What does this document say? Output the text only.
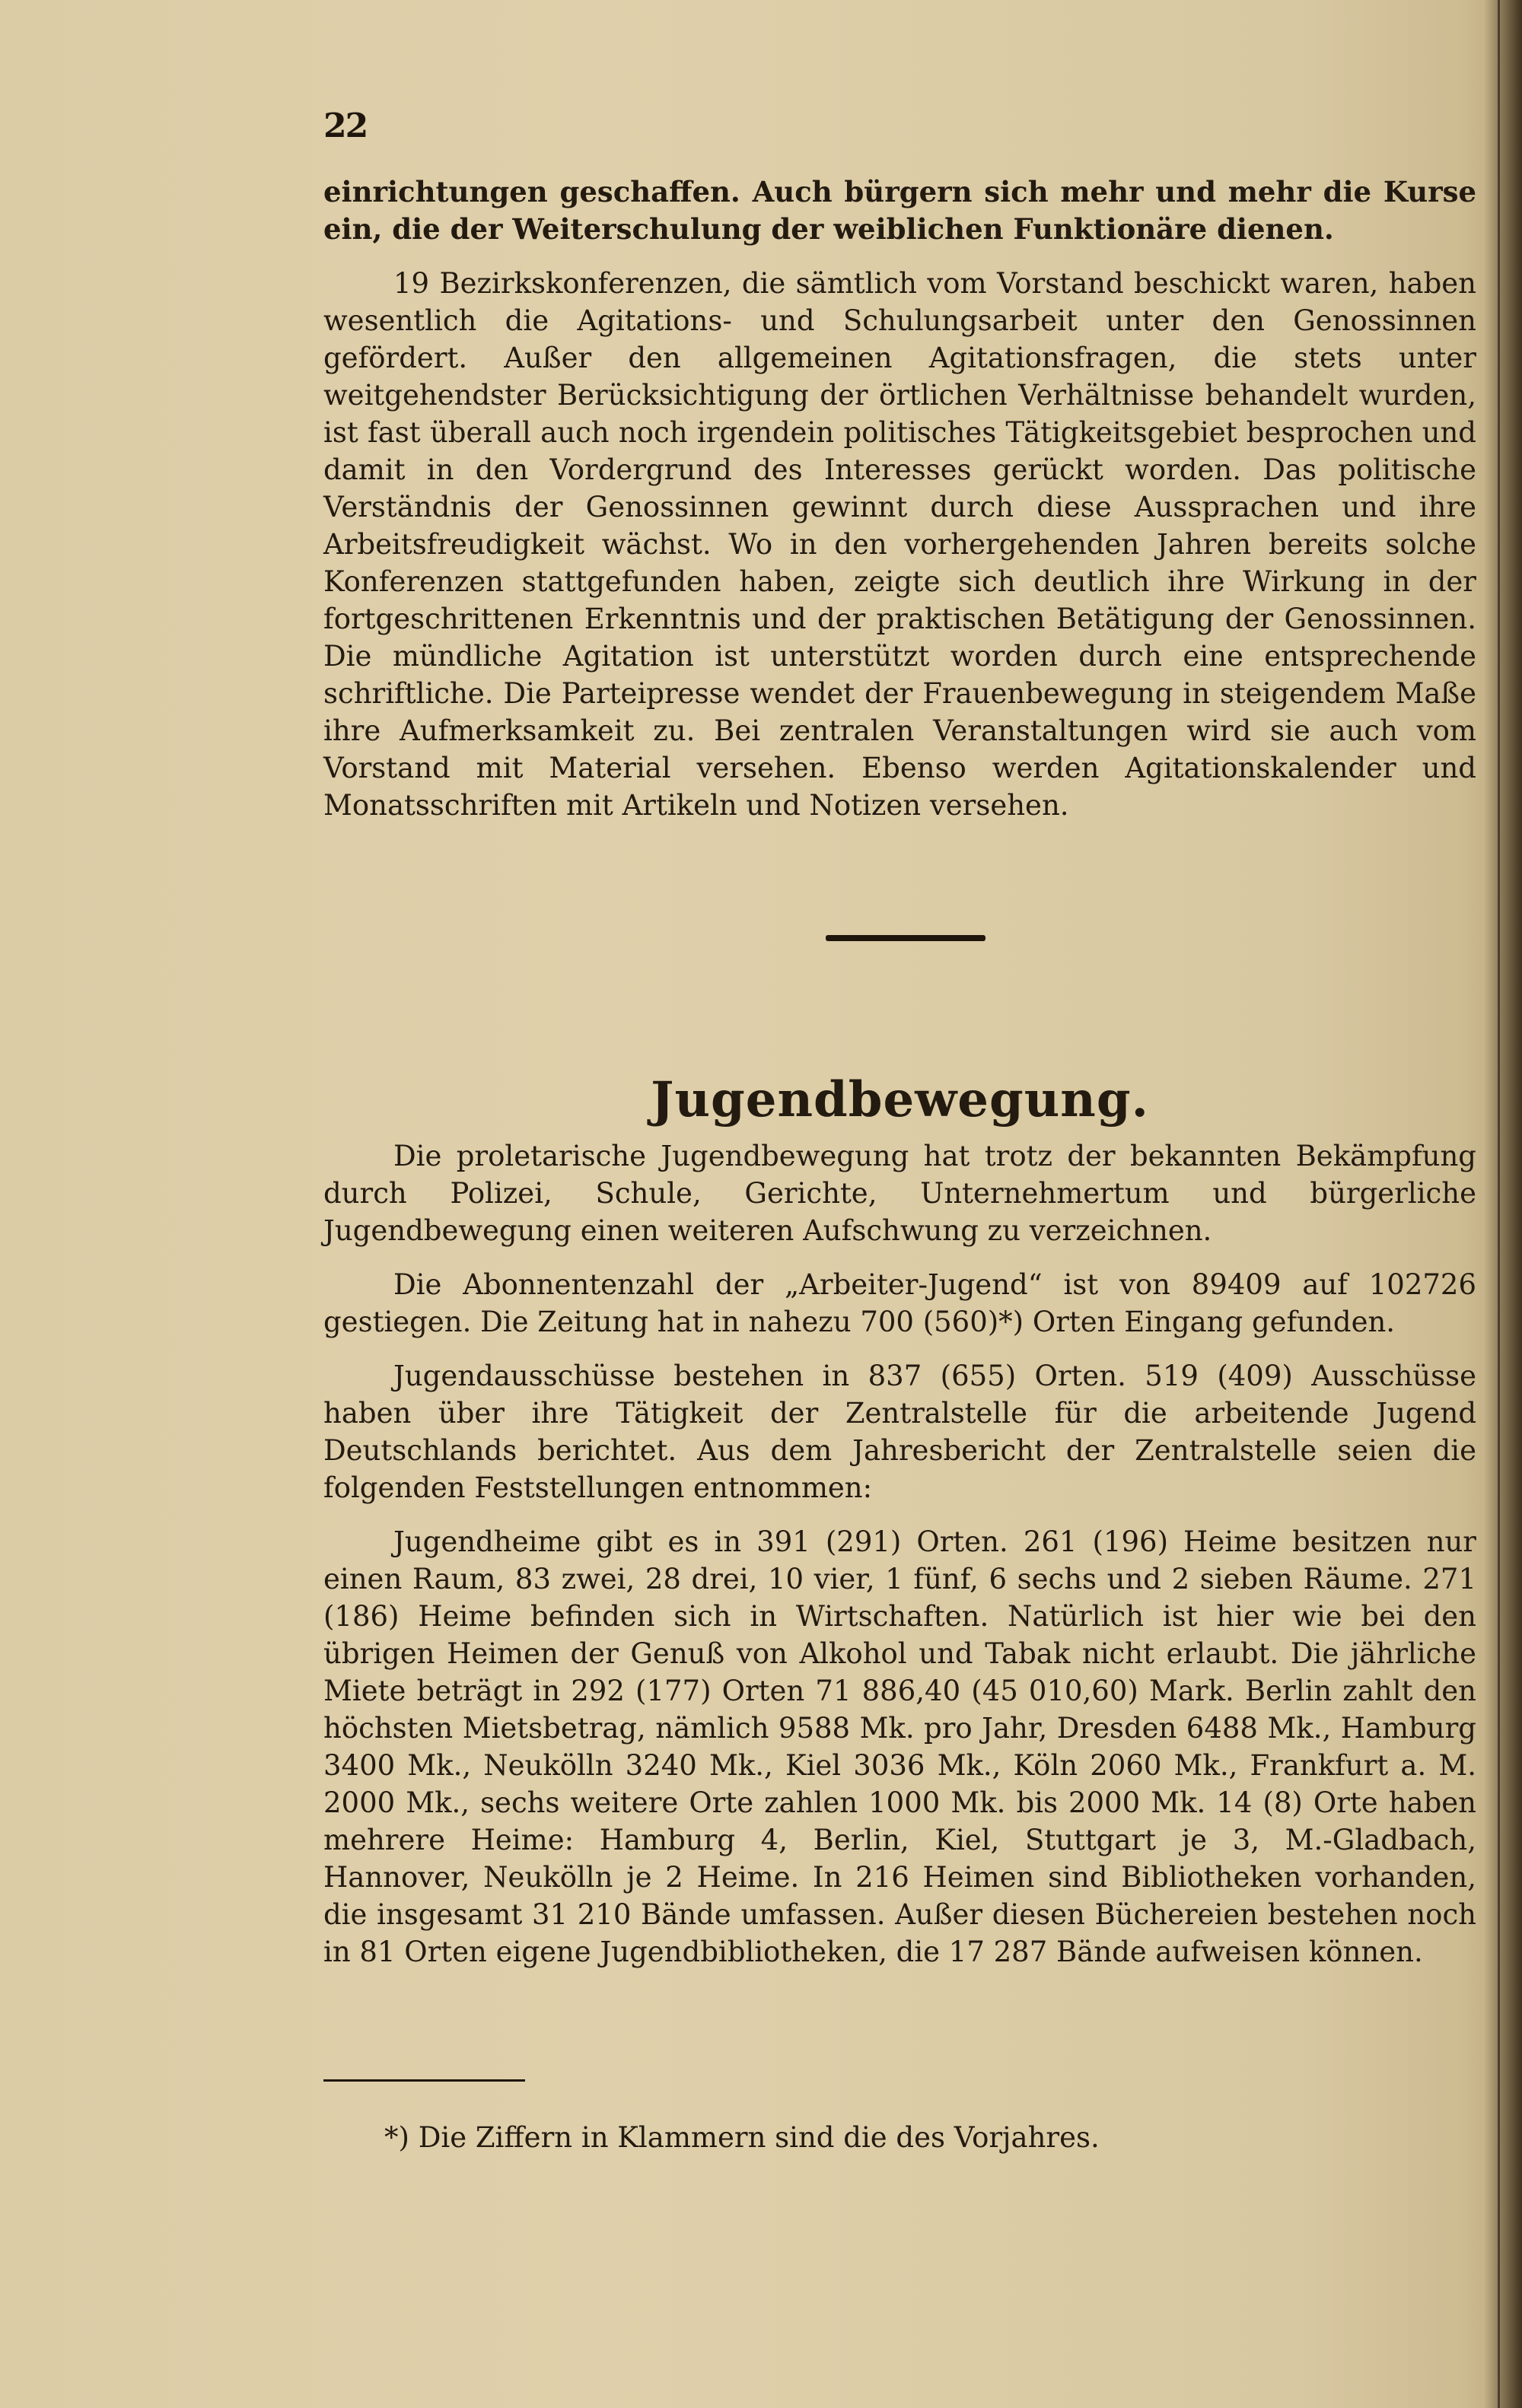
22

einrichtungen geschaffen. Auch bürgern sich mehr und mehr die Kurse ein, die der Weiterschulung der weiblichen Funktionäre dienen.

19 Bezirkskonferenzen, die sämtlich vom Vorstand beschickt waren, haben wesentlich die Agitations- und Schulungsarbeit unter den Genossinnen gefördert. Außer den allgemeinen Agitationsfragen, die stets unter weitgehendster Berücksichtigung der örtlichen Verhältnisse behandelt wurden, ist fast überall auch noch irgendein politisches Tätigkeitsgebiet besprochen und damit in den Vordergrund des Interesses gerückt worden. Das politische Verständnis der Genossinnen gewinnt durch diese Aussprachen und ihre Arbeitsfreudigkeit wächst. Wo in den vorhergehenden Jahren bereits solche Konferenzen stattgefunden haben, zeigte sich deutlich ihre Wirkung in der fortgeschrittenen Erkenntnis und der praktischen Betätigung der Genossinnen. Die mündliche Agitation ist unterstützt worden durch eine entsprechende schriftliche. Die Parteipresse wendet der Frauenbewegung in steigendem Maße ihre Aufmerksamkeit zu. Bei zentralen Veranstaltungen wird sie auch vom Vorstand mit Material versehen. Ebenso werden Agitationskalender und Monatsschriften mit Artikeln und Notizen versehen.

Jugendbewegung.

Die proletarische Jugendbewegung hat trotz der bekannten Bekämpfung durch Polizei, Schule, Gerichte, Unternehmertum und bürgerliche Jugendbewegung einen weiteren Aufschwung zu verzeichnen.

Die Abonnentenzahl der „Arbeiter-Jugend“ ist von 89409 auf 102726 gestiegen. Die Zeitung hat in nahezu 700 (560)*) Orten Eingang gefunden.

Jugendausschüsse bestehen in 837 (655) Orten. 519 (409) Ausschüsse haben über ihre Tätigkeit der Zentralstelle für die arbeitende Jugend Deutschlands berichtet. Aus dem Jahresbericht der Zentralstelle seien die folgenden Feststellungen entnommen:

Jugendheime gibt es in 391 (291) Orten. 261 (196) Heime besitzen nur einen Raum, 83 zwei, 28 drei, 10 vier, 1 fünf, 6 sechs und 2 sieben Räume. 271 (186) Heime befinden sich in Wirtschaften. Natürlich ist hier wie bei den übrigen Heimen der Genuß von Alkohol und Tabak nicht erlaubt. Die jährliche Miete beträgt in 292 (177) Orten 71 886,40 (45 010,60) Mark. Berlin zahlt den höchsten Mietsbetrag, nämlich 9588 Mk. pro Jahr, Dresden 6488 Mk., Hamburg 3400 Mk., Neukölln 3240 Mk., Kiel 3036 Mk., Köln 2060 Mk., Frankfurt a. M. 2000 Mk., sechs weitere Orte zahlen 1000 Mk. bis 2000 Mk. 14 (8) Orte haben mehrere Heime: Hamburg 4, Berlin, Kiel, Stuttgart je 3, M.-Gladbach, Hannover, Neukölln je 2 Heime. In 216 Heimen sind Bibliotheken vorhanden, die insgesamt 31 210 Bände umfassen. Außer diesen Büchereien bestehen noch in 81 Orten eigene Jugendbibliotheken, die 17 287 Bände aufweisen können.

*) Die Ziffern in Klammern sind die des Vorjahres.
